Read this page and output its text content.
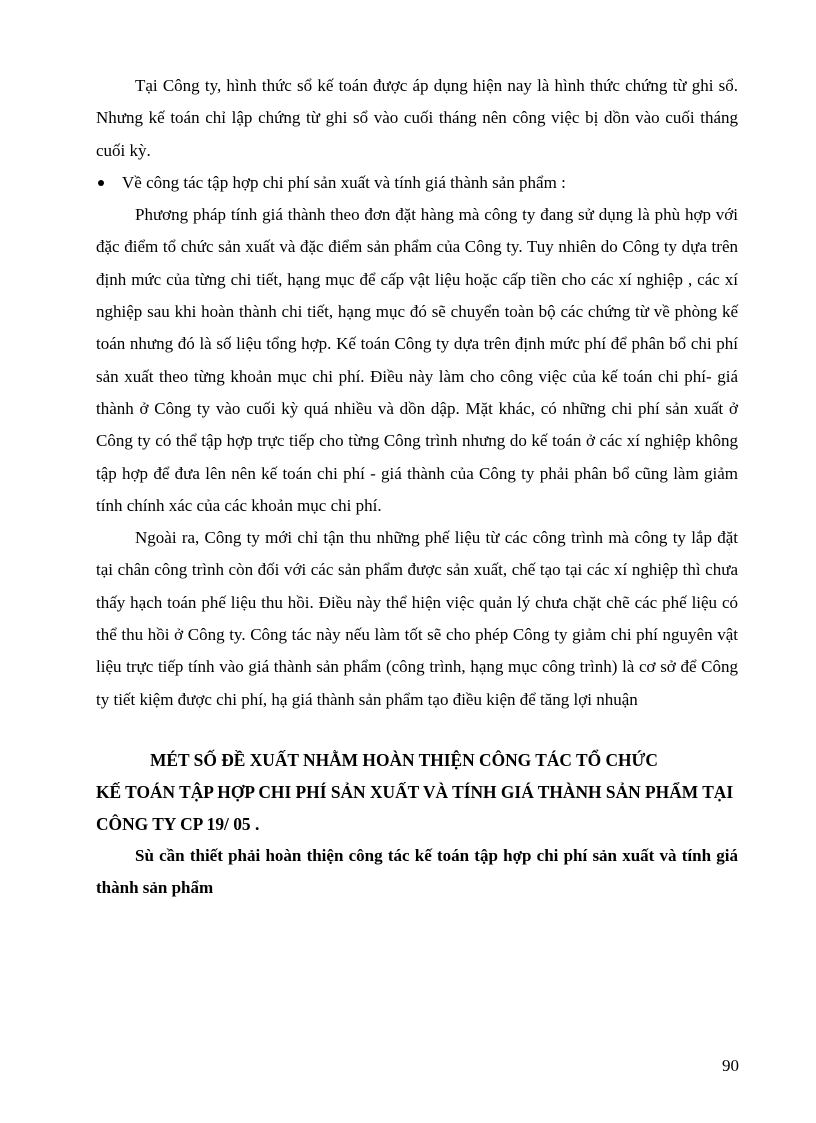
Tại Công ty, hình thức sổ kế toán được áp dụng hiện nay là hình thức chứng từ ghi sổ. Nhưng kế toán chỉ lập chứng từ ghi sổ vào cuối tháng nên công việc bị dồn vào cuối tháng cuối kỳ.

Về công tác tập hợp chi phí sản xuất và tính giá thành sản phẩm :

Phương pháp tính giá thành theo đơn đặt hàng mà công ty đang sử dụng là phù hợp với đặc điểm tổ chức sản xuất và đặc điểm sản phẩm của Công ty. Tuy nhiên do Công ty dựa trên định mức của từng chi tiết, hạng mục để cấp vật liệu hoặc cấp tiền cho các xí nghiệp , các xí nghiệp sau khi hoàn thành chi tiết, hạng mục đó sẽ chuyển toàn bộ các chứng từ về phòng kế toán nhưng đó là số liệu tổng hợp. Kế toán Công ty dựa trên định mức phí để phân bổ chi phí sản xuất theo từng khoản mục chi phí. Điều này làm cho công việc của kế toán chi phí- giá thành ở Công ty vào cuối kỳ quá nhiều và dồn dập. Mặt khác, có những chi phí sản xuất ở Công ty có thể tập hợp trực tiếp cho từng Công trình nhưng do kế toán ở các xí nghiệp không tập hợp để đưa lên nên kế toán chi phí - giá thành của Công ty phải phân bổ cũng làm giảm tính chính xác của các khoản mục chi phí.

Ngoài ra, Công ty mới chỉ tận thu những phế liệu từ các công trình mà công ty lắp đặt tại chân công trình còn đối với các sản phẩm được sản xuất, chế tạo tại các xí nghiệp thì chưa thấy hạch toán phế liệu thu hồi. Điều này thể hiện việc quản lý chưa chặt chẽ các phế liệu có thể thu hồi ở Công ty. Công tác này nếu làm tốt sẽ cho phép Công ty giảm chi phí nguyên vật liệu trực tiếp tính vào giá thành sản phẩm (công trình, hạng mục công trình) là cơ sở để Công ty tiết kiệm được chi phí, hạ giá thành sản phẩm tạo điều kiện để tăng lợi nhuận

MÉT SỐ ĐỀ XUẤT NHẰM HOÀN THIỆN CÔNG TÁC TỔ CHỨC
KẾ TOÁN TẬP HỢP CHI PHÍ SẢN XUẤT VÀ TÍNH GIÁ THÀNH SẢN PHẨM TẠI CÔNG TY CP 19/ 05 .

Sù cần thiết phải hoàn thiện công tác kế toán tập hợp chi phí sản xuất và tính giá thành sản phẩm

90
